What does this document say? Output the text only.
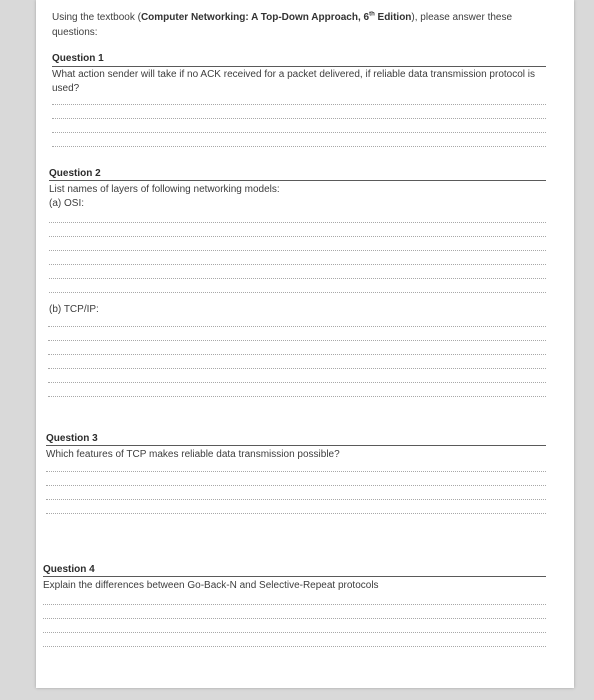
Using the textbook (Computer Networking: A Top-Down Approach, 6th Edition), please answer these questions:
Question 1
What action sender will take if no ACK received for a packet delivered, if reliable data transmission protocol is used?
Question 2
List names of layers of following networking models:
(a) OSI:
(b) TCP/IP:
Question 3
Which features of TCP makes reliable data transmission possible?
Question 4
Explain the differences between Go-Back-N and Selective-Repeat protocols
